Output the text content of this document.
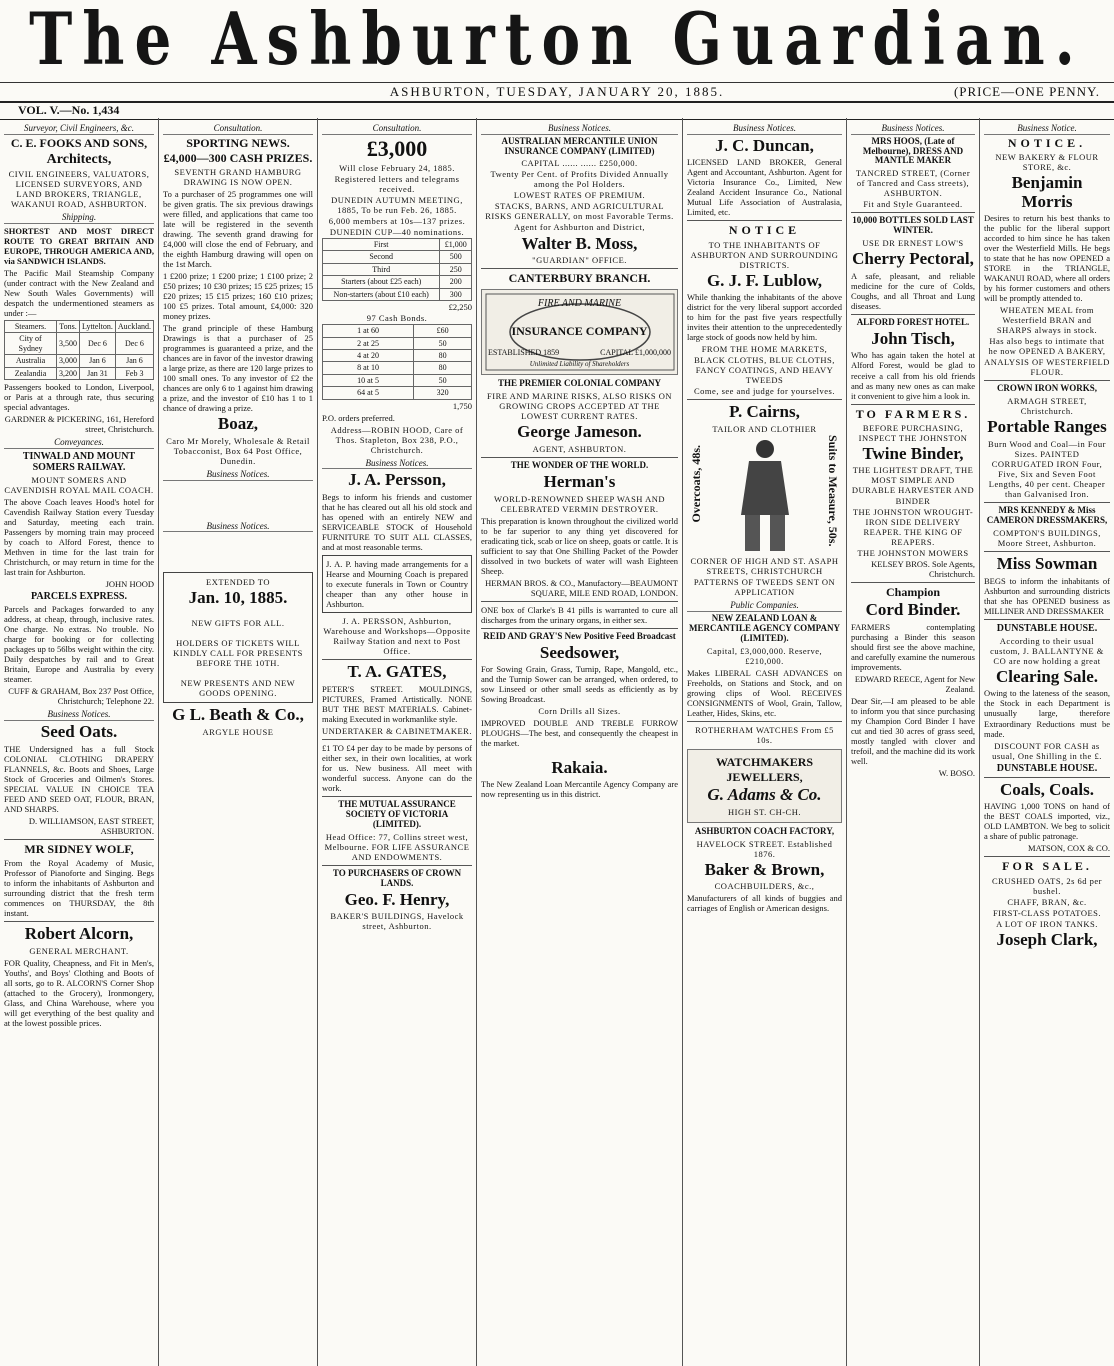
The Ashburton Guardian.
ASHBURTON, TUESDAY, JANUARY 20, 1885.	(PRICE—ONE PENNY.
VOL. V.—No. 1,434
Surveyor, Civil Engineers, &c.
C. E. FOOKS AND SONS,
Architects,
CIVIL ENGINEERS, VALUATORS, LICENSED SURVEYORS, AND LAND BROKERS, TRIANGLE, WAKANUI ROAD, ASHBURTON.
Shipping.
SHORTEST AND MOST DIRECT ROUTE TO GREAT BRITAIN AND EUROPE, THROUGH AMERICA AND, via SANDWICH ISLANDS.
The Pacific Mail Steamship Company (under contract with the New Zealand and New South Wales Governments) will despatch the undermentioned steamers as under :—
Steamers.	Tons.	Lyttelton.	Auckland.
City of Sydney	3,500	Dec 6	Dec 6
Australia	3,000	Jan 6	Jan 6
Zealandia	3,200	Jan 31	Feb 3
Passengers booked to London, Liverpool, or Paris at a through rate, thus securing special advantages.
GARDNER & PICKERING, 161, Hereford street, Christchurch.
Conveyances.
TINWALD AND MOUNT SOMERS RAILWAY.
MOUNT SOMERS AND CAVENDISH ROYAL MAIL COACH.
The above Coach leaves Hood's hotel for Cavendish Railway Station every Tuesday and Saturday, meeting each train. Passengers by morning train may proceed by coach to Alford Forest, thence to Methven in time for the last train for Christchurch, or may return in time for the last train for Ashburton.
JOHN HOOD
PARCELS EXPRESS.
Parcels and Packages forwarded to any address, at cheap, through, inclusive rates. One charge. No extras. No trouble. No charge for booking or for collecting packages up to 56lbs weight within the city. Daily despatches by rail and to Great Britain, Europe and Australia by every steamer.
CUFF & GRAHAM, Box 237 Post Office, Christchurch; Telephone 22.
Business Notices.
Seed Oats.
THE Undersigned has a full Stock COLONIAL CLOTHING DRAPERY FLANNELS, &c. Boots and Shoes, Large Stock of Groceries and Oilmen's Stores. SPECIAL VALUE IN CHOICE TEA FEED AND SEED OAT, FLOUR, BRAN, AND SHARPS.
D. WILLIAMSON, EAST STREET, ASHBURTON.
MR SIDNEY WOLF,
From the Royal Academy of Music, Professor of Pianoforte and Singing. Begs to inform the inhabitants of Ashburton and surrounding district that the fresh term commences on THURSDAY, the 8th instant.
Robert Alcorn,
GENERAL MERCHANT.
FOR Quality, Cheapness, and Fit in Men's, Youths', and Boys' Clothing and Boots of all sorts, go to R. ALCORN'S Corner Shop (attached to the Grocery), Ironmongery, Glass, and China Warehouse, where you will get everything of the best quality and at the lowest possible prices.
Consultation.
SPORTING NEWS.
£4,000—300 CASH PRIZES.
SEVENTH GRAND HAMBURG DRAWING IS NOW OPEN.
To a purchaser of 25 programmes one will be given gratis. The six previous drawings were filled, and applications that came too late will be registered in the seventh drawing. The seventh grand drawing for £4,000 will close the end of February, and the eighth Hamburg drawing will open on the 1st March.
1 £200 prize; 1 £200 prize; 1 £100 prize; 2 £50 prizes; 10 £30 prizes; 15 £25 prizes; 15 £20 prizes; 15 £15 prizes; 160 £10 prizes; 100 £5 prizes. Total amount, £4,000: 320 money prizes.
The grand principle of these Hamburg Drawings is that a purchaser of 25 programmes is guaranteed a prize, and the chances are in favor of the investor drawing a large prize, as there are 120 large prizes to 100 small ones. To any investor of £2 the chances are only 6 to 1 against him drawing a prize, and the investor of £10 has 1 to 1 chance of drawing a prize.
Boaz,
Caro Mr Morely, Wholesale & Retail Tobacconist, Box 64 Post Office, Dunedin.
Business Notices.
Business Notices.
EXTENDED TO
Jan. 10, 1885.
NEW GIFTS FOR ALL.
HOLDERS OF TICKETS WILL KINDLY CALL FOR PRESENTS BEFORE THE 10TH.
NEW PRESENTS AND NEW GOODS OPENING.
G L. Beath & Co.,
ARGYLE HOUSE
Consultation.
£3,000
Will close February 24, 1885.
Registered letters and telegrams received.
DUNEDIN AUTUMN MEETING, 1885, To be run Feb. 26, 1885.
6,000 members at 10s—137 prizes.
DUNEDIN CUP—40 nominations.
First	£1,000
Second	500
Third	250
Starters (about £25 each)	200
Non-starters (about £10 each)	300
£2,250
97 Cash Bonds.
1 at 60	£60
2 at 25	50
4 at 20	80
8 at 10	80
10 at 5	50
64 at 5	320
1,750
P.O. orders preferred.
Address—ROBIN HOOD, Care of Thos. Stapleton, Box 238, P.O., Christchurch.
Business Notices.
J. A. Persson,
Begs to inform his friends and customer that he has cleared out all his old stock and has opened with an entirely NEW and SERVICEABLE STOCK of Household FURNITURE TO SUIT ALL CLASSES, and at most reasonable terms.
J. A. P. having made arrangements for a Hearse and Mourning Coach is prepared to execute funerals in Town or Country cheaper than any other house in Ashburton.
J. A. PERSSON, Ashburton, Warehouse and Workshops—Opposite Railway Station and next to Post Office.
T. A. GATES,
PETER'S STREET. MOULDINGS, PICTURES, Framed Artistically. NONE BUT THE BEST MATERIALS. Cabinet-making Executed in workmanlike style.
UNDERTAKER & CABINETMAKER.
£1 TO £4 per day to be made by persons of either sex, in their own localities, at work for us. New business. All meet with wonderful success. Anyone can do the work.
THE MUTUAL ASSURANCE SOCIETY OF VICTORIA (LIMITED).
Head Office: 77, Collins street west, Melbourne. FOR LIFE ASSURANCE AND ENDOWMENTS.
TO PURCHASERS OF CROWN LANDS.
Geo. F. Henry,
BAKER'S BUILDINGS, Havelock street, Ashburton.
Business Notices.
AUSTRALIAN MERCANTILE UNION INSURANCE COMPANY (LIMITED)
CAPITAL ...... ...... £250,000.
Twenty Per Cent. of Profits Divided Annually among the Pol Holders.
LOWEST RATES OF PREMIUM.
STACKS, BARNS, AND AGRICULTURAL RISKS GENERALLY, on most Favorable Terms.
Agent for Ashburton and District,
Walter B. Moss,
"GUARDIAN" OFFICE.
CANTERBURY BRANCH.
FIRE AND MARINE
INSURANCE COMPANY
ESTABLISHED 1859	CAPITAL £1,000,000
Unlimited Liability of Shareholders
THE PREMIER COLONIAL COMPANY
FIRE AND MARINE RISKS, ALSO RISKS ON GROWING CROPS ACCEPTED AT THE LOWEST CURRENT RATES.
George Jameson.
AGENT, ASHBURTON.
THE WONDER OF THE WORLD.
Herman's
WORLD-RENOWNED SHEEP WASH AND CELEBRATED VERMIN DESTROYER.
This preparation is known throughout the civilized world to be far superior to any thing yet discovered for eradicating tick, scab or lice on sheep, goats or cattle. It is sufficient to say that One Shilling Packet of the Powder dissolved in two buckets of water will wash Eighteen Sheep.
HERMAN BROS. & CO., Manufactory—BEAUMONT SQUARE, MILE END ROAD, LONDON.
ONE box of Clarke's B 41 pills is warranted to cure all discharges from the urinary organs, in either sex.
REID AND GRAY'S New Positive Feed Broadcast
Seedsower,
For Sowing Grain, Grass, Turnip, Rape, Mangold, etc., and the Turnip Sower can be arranged, when ordered, to sow Linseed or other small seeds as efficiently as by Sowing Broadcast.
Corn Drills all Sizes.
IMPROVED DOUBLE AND TREBLE FURROW PLOUGHS—The best, and consequently the cheapest in the market.
Rakaia.
The New Zealand Loan Mercantile Agency Company are now representing us in this district.
Business Notices.
J. C. Duncan,
LICENSED LAND BROKER, General Agent and Accountant, Ashburton. Agent for Victoria Insurance Co., Limited, New Zealand Accident Insurance Co., National Mutual Life Association of Australasia, Limited, etc.
NOTICE
TO THE INHABITANTS OF ASHBURTON AND SURROUNDING DISTRICTS.
G. J. F. Lublow,
While thanking the inhabitants of the above district for the very liberal support accorded to him for the past five years respectfully invites their attention to the unprecedentedly large stock of goods now held by him.
FROM THE HOME MARKETS,
BLACK CLOTHS, BLUE CLOTHS, FANCY COATINGS, AND HEAVY TWEEDS
Come, see and judge for yourselves.
P. Cairns,
TAILOR AND CLOTHIER
Overcoats, 48s.	Suits to Measure, 50s.
CORNER OF HIGH AND ST. ASAPH STREETS, CHRISTCHURCH
PATTERNS OF TWEEDS SENT ON APPLICATION
Public Companies.
NEW ZEALAND LOAN & MERCANTILE AGENCY COMPANY (LIMITED).
Capital, £3,000,000. Reserve, £210,000.
Makes LIBERAL CASH ADVANCES on Freeholds, on Stations and Stock, and on growing clips of Wool. RECEIVES CONSIGNMENTS of Wool, Grain, Tallow, Leather, Hides, Skins, etc.
ROTHERHAM WATCHES From £5 10s.
WATCHMAKERS
JEWELLERS,
G. Adams & Co.
HIGH ST. CH-CH.
ASHBURTON COACH FACTORY,
HAVELOCK STREET. Established 1876.
Baker & Brown,
COACHBUILDERS, &c.,
Manufacturers of all kinds of buggies and carriages of English or American designs.
Business Notices.
MRS HOOS, (Late of Melbourne), DRESS AND MANTLE MAKER
TANCRED STREET, (Corner of Tancred and Cass streets), ASHBURTON.
Fit and Style Guaranteed.
10,000 BOTTLES SOLD LAST WINTER.
USE DR ERNEST LOW'S
Cherry Pectoral,
A safe, pleasant, and reliable medicine for the cure of Colds, Coughs, and all Throat and Lung diseases.
ALFORD FOREST HOTEL.
John Tisch,
Who has again taken the hotel at Alford Forest, would be glad to receive a call from his old friends and as many new ones as can make it convenient to give him a look in.
TO FARMERS.
BEFORE PURCHASING, INSPECT THE JOHNSTON
Twine Binder,
THE LIGHTEST DRAFT, THE MOST SIMPLE AND DURABLE HARVESTER AND BINDER
THE JOHNSTON WROUGHT-IRON SIDE DELIVERY REAPER. THE KING OF REAPERS.
THE JOHNSTON MOWERS
KELSEY BROS. Sole Agents, Christchurch.
Champion
Cord Binder.
FARMERS contemplating purchasing a Binder this season should first see the above machine, and carefully examine the numerous improvements.
EDWARD REECE, Agent for New Zealand.
Dear Sir,—I am pleased to be able to inform you that since purchasing my Champion Cord Binder I have cut and tied 30 acres of grass seed, mostly tangled with clover and trefoil, and the machine did its work well.
W. BOSO.
Business Notice.
NOTICE.
NEW BAKERY & FLOUR STORE, &c.
Benjamin Morris
Desires to return his best thanks to the public for the liberal support accorded to him since he has taken over the Westerfield Mills. He begs to state that he has now OPENED a STORE in the TRIANGLE, WAKANUI ROAD, where all orders by his former customers and others will be promptly attended to.
WHEATEN MEAL from Westerfield BRAN and SHARPS always in stock.
Has also begs to intimate that he now OPENED A BAKERY,
ANALYSIS OF WESTERFIELD FLOUR.
CROWN IRON WORKS,
ARMAGH STREET, Christchurch.
Portable Ranges
Burn Wood and Coal—in Four Sizes. PAINTED CORRUGATED IRON Four, Five, Six and Seven Foot Lengths, 40 per cent. Cheaper than Galvanised Iron.
MRS KENNEDY & Miss CAMERON DRESSMAKERS,
COMPTON'S BUILDINGS, Moore Street, Ashburton.
Miss Sowman
BEGS to inform the inhabitants of Ashburton and surrounding districts that she has OPENED business as MILLINER AND DRESSMAKER
DUNSTABLE HOUSE.
According to their usual custom, J. BALLANTYNE & CO are now holding a great
Clearing Sale.
Owing to the lateness of the season, the Stock in each Department is unusually large, therefore Extraordinary Reductions must be made.
DISCOUNT FOR CASH as usual, One Shilling in the £.
DUNSTABLE HOUSE.
Coals, Coals.
HAVING 1,000 TONS on hand of the BEST COALS imported, viz., OLD LAMBTON. We beg to solicit a share of public patronage.
MATSON, COX & CO.
FOR SALE.
CRUSHED OATS, 2s 6d per bushel.
CHAFF, BRAN, &c.
FIRST-CLASS POTATOES.
A LOT OF IRON TANKS.
Joseph Clark,
